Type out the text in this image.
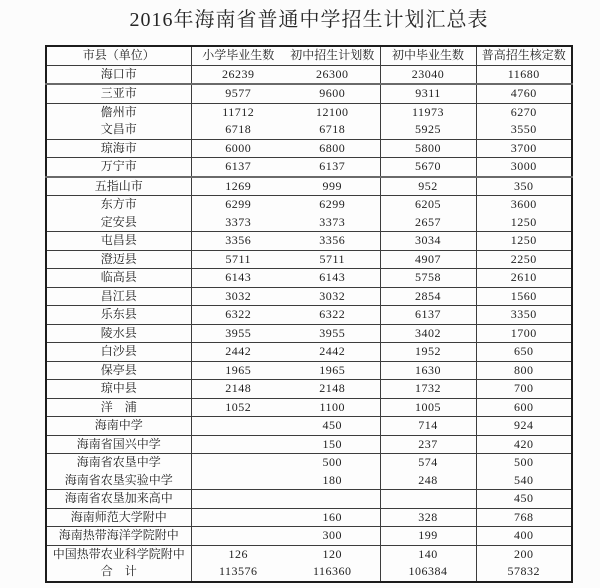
2016年海南省普通中学招生计划汇总表
市县（单位）	小学毕业生数	初中招生计划数	初中毕业生数	普高招生核定数
海口市	26239	26300	23040	11680
三亚市	9577	9600	9311	4760
儋州市	11712	12100	11973	6270
文昌市	6718	6718	5925	3550
琼海市	6000	6800	5800	3700
万宁市	6137	6137	5670	3000
五指山市	1269	999	952	350
东方市	6299	6299	6205	3600
定安县	3373	3373	2657	1250
屯昌县	3356	3356	3034	1250
澄迈县	5711	5711	4907	2250
临高县	6143	6143	5758	2610
昌江县	3032	3032	2854	1560
乐东县	6322	6322	6137	3350
陵水县	3955	3955	3402	1700
白沙县	2442	2442	1952	650
保亭县	1965	1965	1630	800
琼中县	2148	2148	1732	700
洋　浦	1052	1100	1005	600
海南中学		450	714	924
海南省国兴中学		150	237	420
海南省农垦中学		500	574	500
海南省农垦实验中学		180	248	540
海南省农垦加来高中				450
海南师范大学附中		160	328	768
海南热带海洋学院附中		300	199	400
中国热带农业科学院附中	126	120	140	200
合　计	113576	116360	106384	57832
